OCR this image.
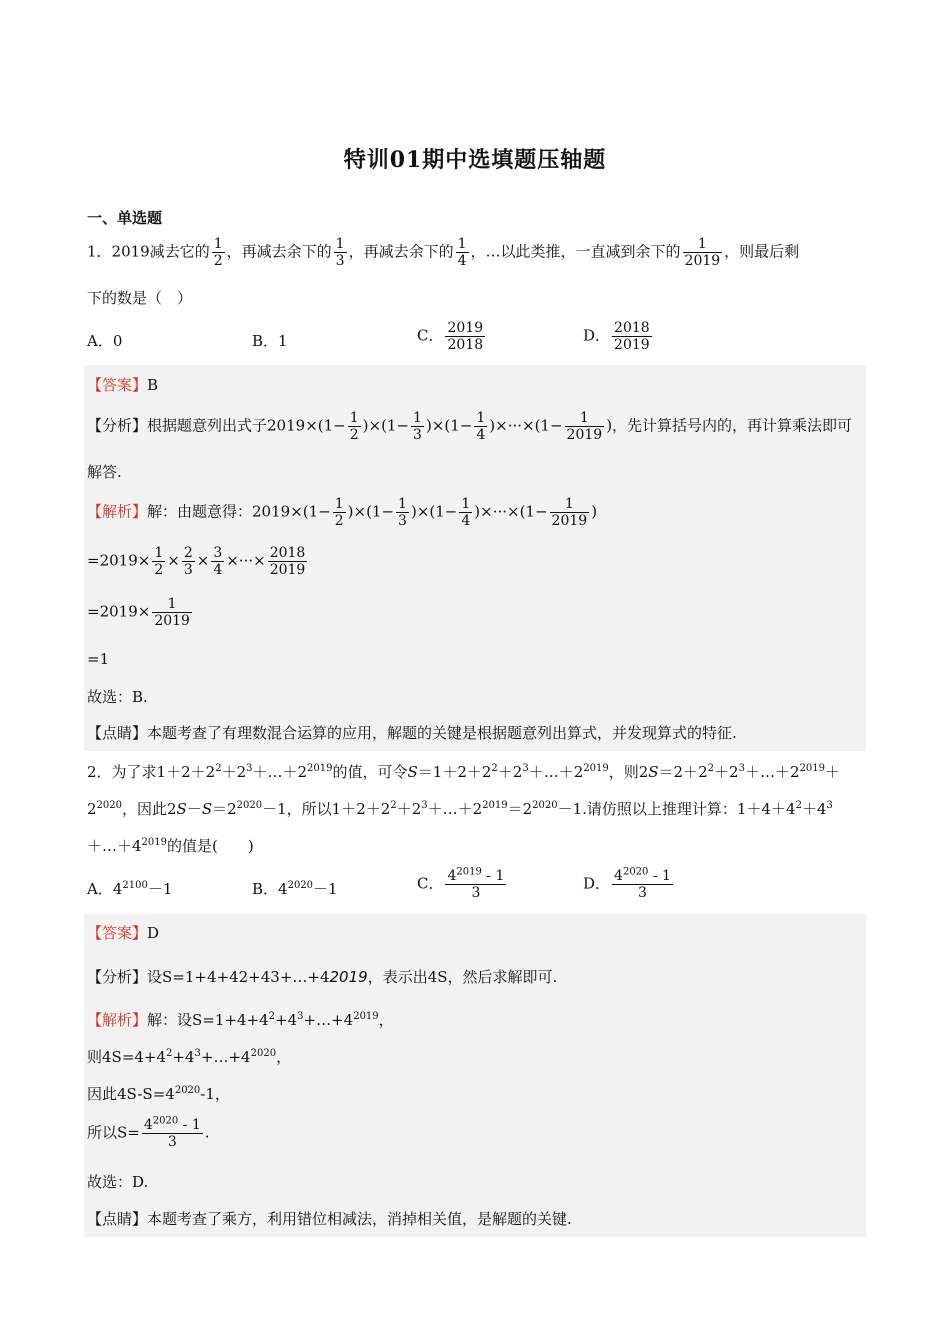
特训01期中选填题压轴题
一、单选题
1．2019减去它的 $\frac{1}{2}$ ，再减去余下的 $\frac{1}{3}$ ，再减去余下的 $\frac{1}{4}$ ，…以此类推，一直减到余下的 $\frac{1}{2019}$ ，则最后剩
下的数是（　）
A．0	B．1	C． $\frac{2019}{2018}$	D． $\frac{2018}{2019}$
【答案】B
【分析】根据题意列出式子$2019\times(1- \frac{1}{2} )\times(1- \frac{1}{3} )\times(1- \frac{1}{4} )\times\cdot\cdot\cdot\times(1- \frac{1}{2019}$ )，先计算括号内的，再计算乘法即可
解答.
【解析】解：由题意得：$2019\times(1- \frac{1}{2} )\times(1- \frac{1}{3} )\times(1- \frac{1}{4} )\times\cdot\cdot\cdot\times(1- \frac{1}{2019}$ )
$=2019\times \frac{1}{2} \times \frac{2}{3} \times \frac{3}{4}$ ×···× $\frac{2018}{2019}$
$=2019\times \frac{1}{2019}$
=1
故选：B.
【点睛】本题考查了有理数混合运算的应用，解题的关键是根据题意列出算式，并发现算式的特征.
2．为了求$1+2+2^2+2^3+\dots+2^{2019}$的值，可令$S=1+2+2^2+2^3+\dots+2^{2019}$，则$2S=2+2^2+2^3+\dots+2^{2019}+$
$2^{2020}$，因此$2S-S=2^{2020}-1$，所以$1+2+2^2+2^3+\dots+2^{2019}=2^{2020}-1$.请仿照以上推理计算：$1+4+4^2+4^3$
$+\dots+4^{2019}$的值是(　　)
A．$4^{2100}-1$	B．$4^{2020}-1$	C． $\frac{4^{2019} - 1}{3}$	D． $\frac{4^{2020} - 1}{3}$
【答案】D
【分析】设S=1+4+42+43+…+42019，表示出4S，然后求解即可.
【解析】解：设$S=1+4+4^2+4^3+\dots+4^{2019}$，
则$4S=4+4^2+4^3+\dots+4^{2020}$，
因此$4S-S=4^{2020}-1$，
所以$S= \frac{4^{2020} - 1}{3}$ .
故选：D.
【点睛】本题考查了乘方，利用错位相减法，消掉相关值，是解题的关键.
